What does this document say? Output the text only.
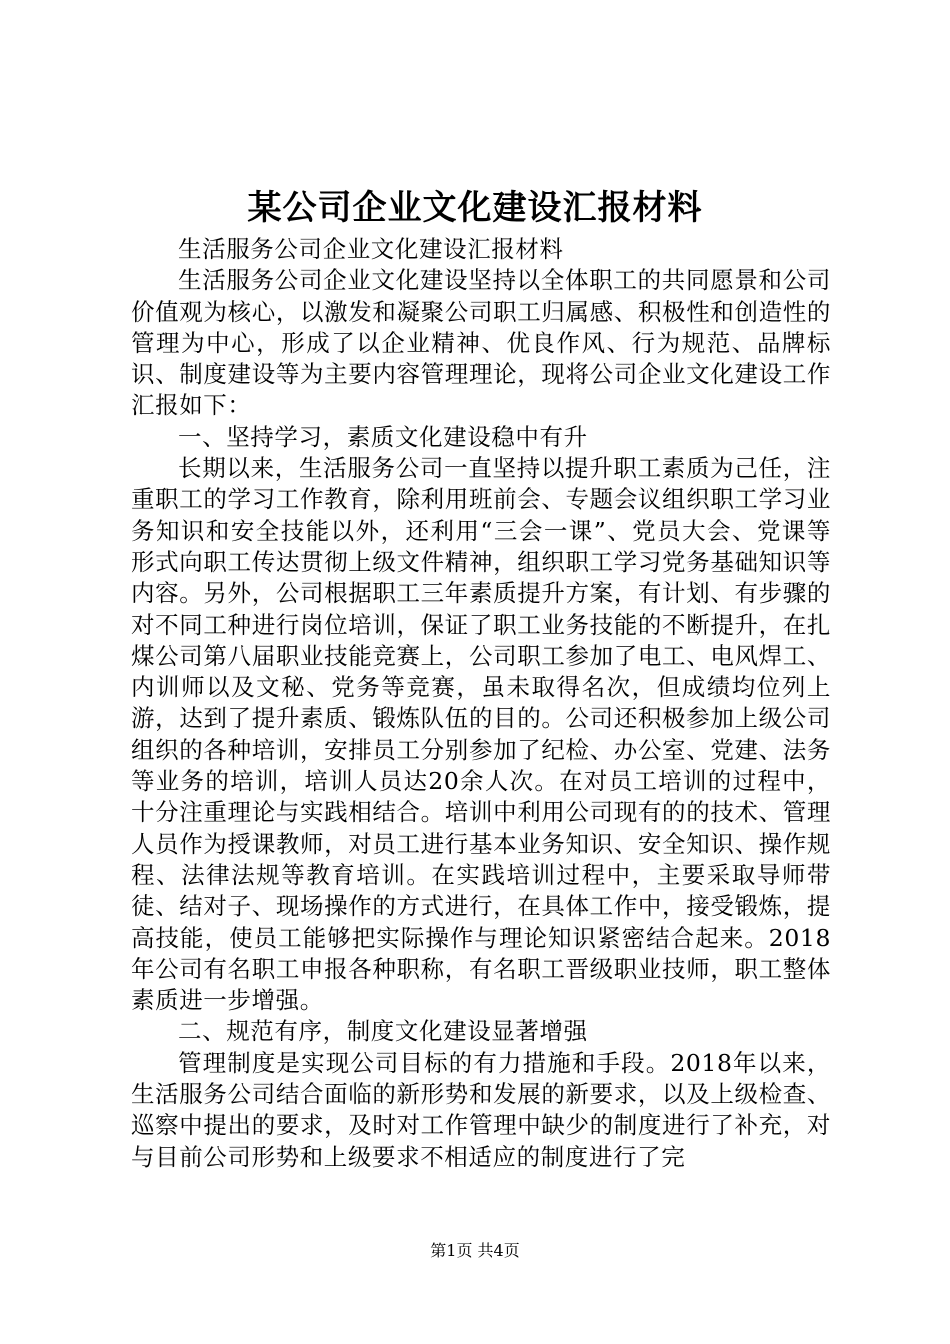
某公司企业文化建设汇报材料

生活服务公司企业文化建设汇报材料

生活服务公司企业文化建设坚持以全体职工的共同愿景和公司价值观为核心，以激发和凝聚公司职工归属感、积极性和创造性的管理为中心，形成了以企业精神、优良作风、行为规范、品牌标识、制度建设等为主要内容管理理论，现将公司企业文化建设工作汇报如下：

一、坚持学习，素质文化建设稳中有升

长期以来，生活服务公司一直坚持以提升职工素质为己任，注重职工的学习工作教育，除利用班前会、专题会议组织职工学习业务知识和安全技能以外，还利用“三会一课”、党员大会、党课等形式向职工传达贯彻上级文件精神，组织职工学习党务基础知识等内容。另外，公司根据职工三年素质提升方案，有计划、有步骤的对不同工种进行岗位培训，保证了职工业务技能的不断提升，在扎煤公司第八届职业技能竞赛上，公司职工参加了电工、电风焊工、内训师以及文秘、党务等竞赛，虽未取得名次，但成绩均位列上游，达到了提升素质、锻炼队伍的目的。公司还积极参加上级公司组织的各种培训，安排员工分别参加了纪检、办公室、党建、法务等业务的培训，培训人员达20余人次。在对员工培训的过程中，十分注重理论与实践相结合。培训中利用公司现有的的技术、管理人员作为授课教师，对员工进行基本业务知识、安全知识、操作规程、法律法规等教育培训。在实践培训过程中，主要采取导师带徒、结对子、现场操作的方式进行，在具体工作中，接受锻炼，提高技能，使员工能够把实际操作与理论知识紧密结合起来。2018年公司有名职工申报各种职称，有名职工晋级职业技师，职工整体素质进一步增强。

二、规范有序，制度文化建设显著增强

管理制度是实现公司目标的有力措施和手段。2018年以来，生活服务公司结合面临的新形势和发展的新要求，以及上级检查、巡察中提出的要求，及时对工作管理中缺少的制度进行了补充，对与目前公司形势和上级要求不相适应的制度进行了完

第1页 共4页
